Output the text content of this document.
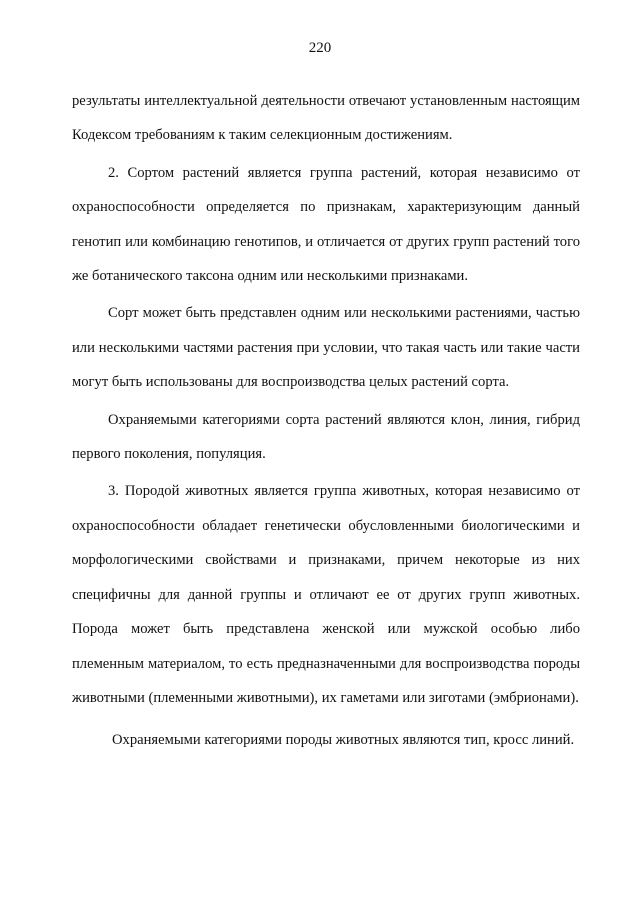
220

результаты интеллектуальной деятельности отвечают установленным настоящим Кодексом требованиям к таким селекционным достижениям.

2. Сортом растений является группа растений, которая независимо от охраноспособности определяется по признакам, характеризующим данный генотип или комбинацию генотипов, и отличается от других групп растений того же ботанического таксона одним или несколькими признаками.

Сорт может быть представлен одним или несколькими растениями, частью или несколькими частями растения при условии, что такая часть или такие части могут быть использованы для воспроизводства целых растений сорта.

Охраняемыми категориями сорта растений являются клон, линия, гибрид первого поколения, популяция.

3. Породой животных является группа животных, которая независимо от охраноспособности обладает генетически обусловленными биологическими и морфологическими свойствами и признаками, причем некоторые из них специфичны для данной группы и отличают ее от других групп животных. Порода может быть представлена женской или мужской особью либо племенным материалом, то есть предназначенными для воспроизводства породы животными (племенными животными), их гаметами или зиготами (эмбрионами).

Охраняемыми категориями породы животных являются тип, кросс линий.
